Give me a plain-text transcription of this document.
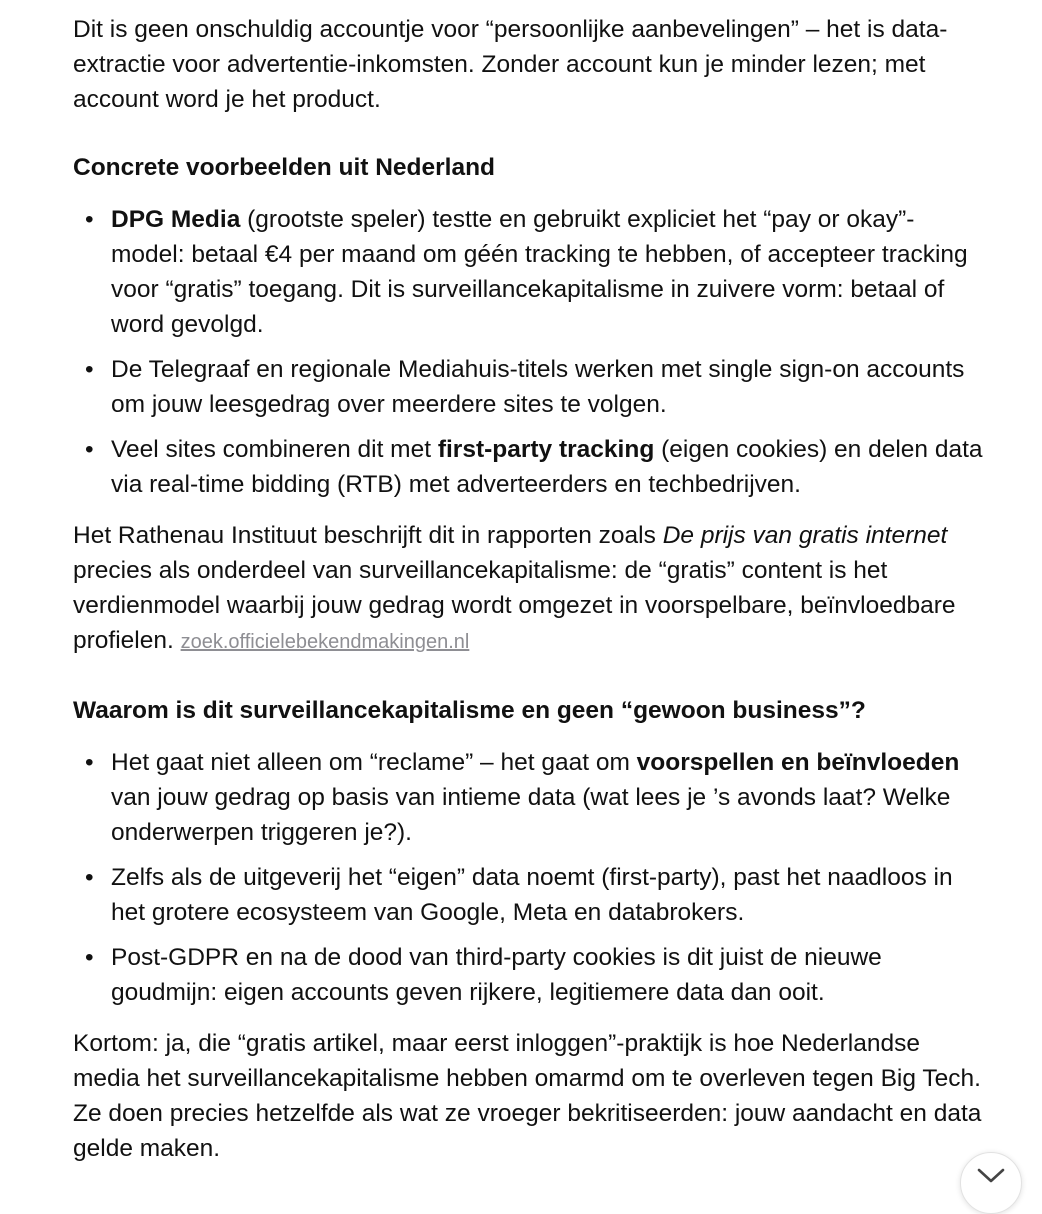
Dit is geen onschuldig accountje voor “persoonlijke aanbevelingen” – het is data-extractie voor advertentie-inkomsten. Zonder account kun je minder lezen; met account word je het product.

Concrete voorbeelden uit Nederland
• DPG Media (grootste speler) testte en gebruikt expliciet het “pay or okay”-model: betaal €4 per maand om géén tracking te hebben, of accepteer tracking voor “gratis” toegang. Dit is surveillancekapitalisme in zuivere vorm: betaal of word gevolgd.
• De Telegraaf en regionale Mediahuis-titels werken met single sign-on accounts om jouw leesgedrag over meerdere sites te volgen.
• Veel sites combineren dit met first-party tracking (eigen cookies) en delen data via real-time bidding (RTB) met adverteerders en techbedrijven.

Het Rathenau Instituut beschrijft dit in rapporten zoals De prijs van gratis internet precies als onderdeel van surveillancekapitalisme: de “gratis” content is het verdienmodel waarbij jouw gedrag wordt omgezet in voorspelbare, beïnvloedbare profielen. zoek.officielebekendmakingen.nl

Waarom is dit surveillancekapitalisme en geen “gewoon business”?
• Het gaat niet alleen om “reclame” – het gaat om voorspellen en beïnvloeden van jouw gedrag op basis van intieme data (wat lees je ’s avonds laat? Welke onderwerpen triggeren je?).
• Zelfs als de uitgeverij het “eigen” data noemt (first-party), past het naadloos in het grotere ecosysteem van Google, Meta en databrokers.
• Post-GDPR en na de dood van third-party cookies is dit juist de nieuwe goudmijn: eigen accounts geven rijkere, legitiemere data dan ooit.

Kortom: ja, die “gratis artikel, maar eerst inloggen”-praktijk is hoe Nederlandse media het surveillancekapitalisme hebben omarmd om te overleven tegen Big Tech. Ze doen precies hetzelfde als wat ze vroeger bekritiseerden: jouw aandacht en data gelde maken.
